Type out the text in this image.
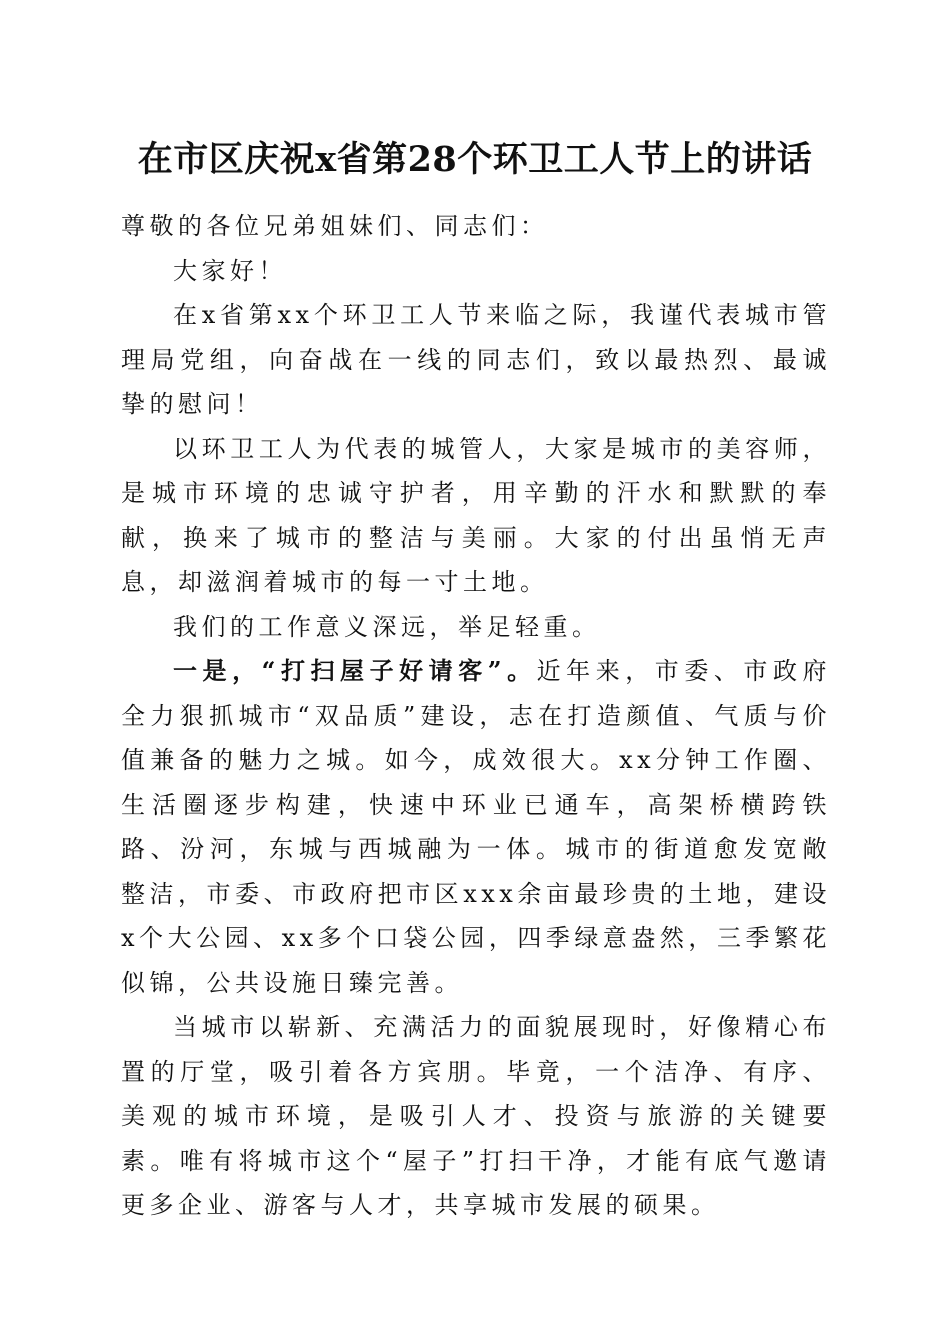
在市区庆祝x省第28个环卫工人节上的讲话

尊敬的各位兄弟姐妹们、同志们：

大家好！

在x省第xx个环卫工人节来临之际，我谨代表城市管理局党组，向奋战在一线的同志们，致以最热烈、最诚挚的慰问！

以环卫工人为代表的城管人，大家是城市的美容师，是城市环境的忠诚守护者，用辛勤的汗水和默默的奉献，换来了城市的整洁与美丽。大家的付出虽悄无声息，却滋润着城市的每一寸土地。

我们的工作意义深远，举足轻重。

一是，“打扫屋子好请客”。近年来，市委、市政府全力狠抓城市“双品质”建设，志在打造颜值、气质与价值兼备的魅力之城。如今，成效很大。xx分钟工作圈、生活圈逐步构建，快速中环业已通车，高架桥横跨铁路、汾河，东城与西城融为一体。城市的街道愈发宽敞整洁，市委、市政府把市区xxx余亩最珍贵的土地，建设x个大公园、xx多个口袋公园，四季绿意盎然，三季繁花似锦，公共设施日臻完善。

当城市以崭新、充满活力的面貌展现时，好像精心布置的厅堂，吸引着各方宾朋。毕竟，一个洁净、有序、美观的城市环境，是吸引人才、投资与旅游的关键要素。唯有将城市这个“屋子”打扫干净，才能有底气邀请更多企业、游客与人才，共享城市发展的硕果。
